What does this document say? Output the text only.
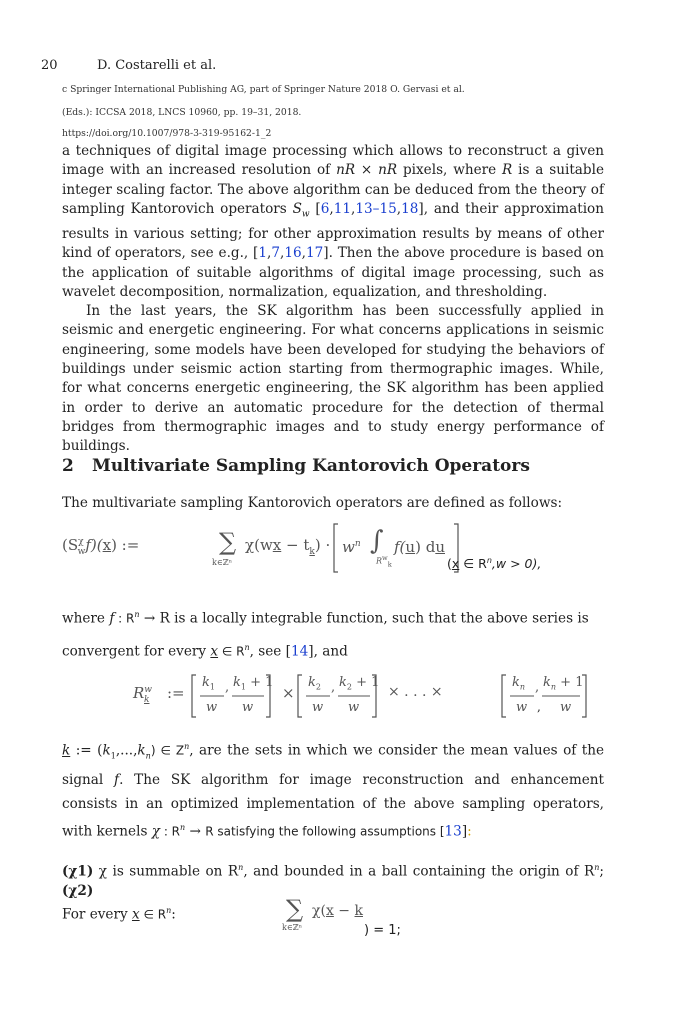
20	D. Costarelli et al.
c Springer International Publishing AG, part of Springer Nature 2018 O. Gervasi et al.
(Eds.): ICCSA 2018, LNCS 10960, pp. 19–31, 2018.
https://doi.org/10.1007/978-3-319-95162-1_2

a techniques of digital image processing which allows to reconstruct a given image with an increased resolution of nR × nR pixels, where R is a suitable integer scaling factor. The above algorithm can be deduced from the theory of sampling Kantorovich operators $S_w$ [6,11,13–15,18], and their approximation results in various setting; for other approximation results by means of other kind of operators, see e.g., [1,7,16,17]. Then the above procedure is based on the application of suitable algorithms of digital image processing, such as wavelet decomposition, normalization, equalization, and thresholding.

In the last years, the SK algorithm has been successfully applied in seismic and energetic engineering. For what concerns applications in seismic engineering, some models have been developed for studying the behaviors of buildings under seismic action starting from thermographic images. While, for what concerns energetic engineering, the SK algorithm has been applied in order to derive an automatic procedure for the detection of thermal bridges from thermographic images and to study energy performance of buildings.

2 Multivariate Sampling Kantorovich Operators
The multivariate sampling Kantorovich operators are defined as follows:
$(S^\chi_wf)(x)$ :=	∑
k∈ℤⁿ
$\chi(wx - t_k) \cdot w^n$ ∫
$R^w_k$
f(u) du
(x ∈ $R^n,w > 0$),
where f : $R^n \to R$ is a locally integrable function, such that the above series is
convergent for every x ∈ $R^n$, see [14], and
$R^w_k$ :=
$k_1$ , $k_1 + 1$
w w
×
$k_2$ , $k_2 + 1$
w w
× . . . ×
$k_n$ , $k_n + 1$
w	w
,
k := $(k_1,...,k_n)$ ∈ $Z^n$, are the sets in which we consider the mean values of the signal f. The SK algorithm for image reconstruction and enhancement consists in an optimized implementation of the above sampling operators, with kernels χ : $R^n \to R$ satisfying the following assumptions [13]:
(χ1) χ is summable on $R^n$, and bounded in a ball containing the origin of $R^n$; (χ2)
For every x ∈ $R^n$:	∑
k∈ℤⁿ
χ(x − k
) = 1;
